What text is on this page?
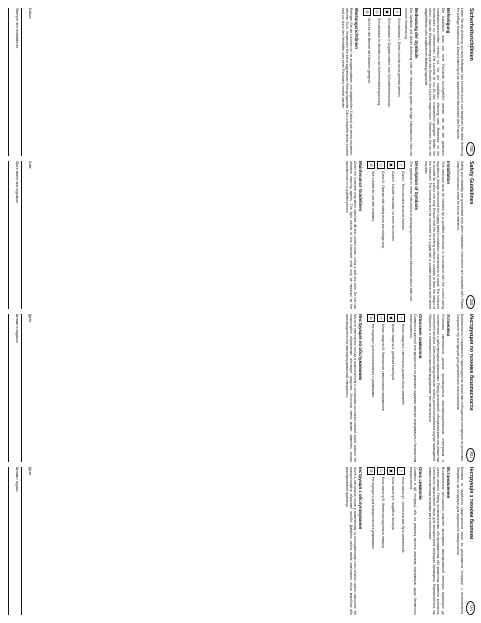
Sicherheitsrichtlinien
DE

Lesen Sie die Anleitung vor dem Auftragen des Leuchte durch und bewahren Sie diese Anleitung für künftige Hinweise auf. Diese Anleitung ist ein wesentlicher Bestandteil des Produkts.

Befestigung

Die Installation muss von einer Fachkraft durchgeführt werden, die mit den geltenden Installationsvorschriften vertraut ist. Vor der Installation, Wartung oder Reparatur ist die Stromzufuhr zu unterbrechen. Die Leuchte ist nur für den Innenbereich geeignet. Stellen Sie sicher, dass der Montageuntergrund das Gewicht der Leuchte tragen kann. Verwenden Sie nur die mitgelieferten oder empfohlenen Befestigungsmittel.

Bedeutung der Symbole

Die Symbole auf dieser Anleitung oder der Verpackung geben wichtige Informationen über die sichere Verwendung.

⏚
Schutzklasse I: Diese Leuchte muss geerdet werden.
▣
Schutzklasse II: Doppelt isoliert, kein Schutzleiteranschluss.
◇
Schutzklasse III: Betrieb nur mit Sicherheitskleinspannung.
⊘
Nicht für den Betrieb mit Dimmern geeignet.
Wartungsrichtlinien

Reinigen Sie die Leuchte nur im ausgeschalteten und abgekühlten Zustand mit einem trockenen, weichen Tuch. Verwenden Sie keine aggressiven Reinigungsmittel. Die Lichtquelle dieser Leuchte darf nur durch den Hersteller oder einen Fachmann ersetzt werden.

Datum
Stempel des Installateurs
Safety Guidelines
GB

Safety and reliability are guaranteed only when installation instructions are complied with. Please keep this instruction sheet for future reference.

Installation

This luminaire must be installed by a qualified electrician in accordance with the current wiring regulations. Always disconnect the supply before installation, maintenance or repair. The luminaire is suitable for indoor use only. Ensure that the mounting surface is suitable to bear the weight of the luminaire. The luminaire must be connected to a supply with a suitable protective earth where required.

Description of Symbols

The symbols on these instructions or packaging provide important information about safe use.

⏚
Class I: This luminaire must be earthed.
▣
Class II: Double insulated, no earth connection.
◇
Class III: Operate with safety extra low voltage only.
⊘
Not suitable for use with dimmers.
Maintenance Guidelines

Clean the luminaire only when switched off and cooled down, using a soft dry cloth. Do not use abrasive cleaning agents. The light source of this luminaire shall only be replaced by the manufacturer or a qualified person.

Date
Store stamp and signature
Инструкция по технике безопасности
RU

Безопасность и надежность гарантируются только при соблюдении инструкции по установке. Сохраните эту инструкцию для дальнейшего использования.

Установка

Установка светильника должна производиться квалифицированным электриком в соответствии с действующими правилами. Перед установкой, обслуживанием или ремонтом отключите питание. Светильник предназначен только для использования внутри помещений. Убедитесь, что поверхность монтажа выдерживает вес светильника.

Описание символов

Символы в данной инструкции или на упаковке содержат важную информацию о безопасном использовании.

⏚
Класс защиты I: светильник должен быть заземлён.
▣
Класс защиты II: двойная изоляция.
◇
Класс защиты III: безопасное сверхнизкое напряжение.
⊘
Не подходит для использования с диммерами.
Инструкция по обслуживанию

Чистите светильник только в выключенном и остывшем состоянии мягкой сухой тканью. Не используйте абразивные чистящие средства. Источник света может заменять только производитель или квалифицированный специалист.

Дата
Штамп и подпись
Інструкція з техніки безпеки
UA

Безпека та надійність гарантуються лише за дотримання інструкції з встановлення. Збережіть цю інструкцію для подальшого використання.

Встановлення

Встановлення світильника повинен виконувати кваліфікований електрик відповідно до чинних правил. Перед встановленням, обслуговуванням або ремонтом вимкніть живлення. Світильник призначений лише для використання всередині приміщень. Переконайтеся, що поверхня монтажу витримує вагу світильника.

Опис символів

Символи в цій інструкції або на упаковці містять важливу інформацію щодо безпечного використання.

⏚
Клас захисту I: світильник має бути заземлений.
▣
Клас захисту II: подвійна ізоляція.
◇
Клас захисту III: безпечна наднизька напруга.
⊘
Не підходить для використання з диммерами.
Інструкція з обслуговування

Чистіть світильник лише у вимкненому та охолодженому стані м'якою сухою тканиною. Не використовуйте абразивні засоби. Джерело світла може замінювати лише виробник або кваліфікований фахівець.

Дата
Штамп і підпис
